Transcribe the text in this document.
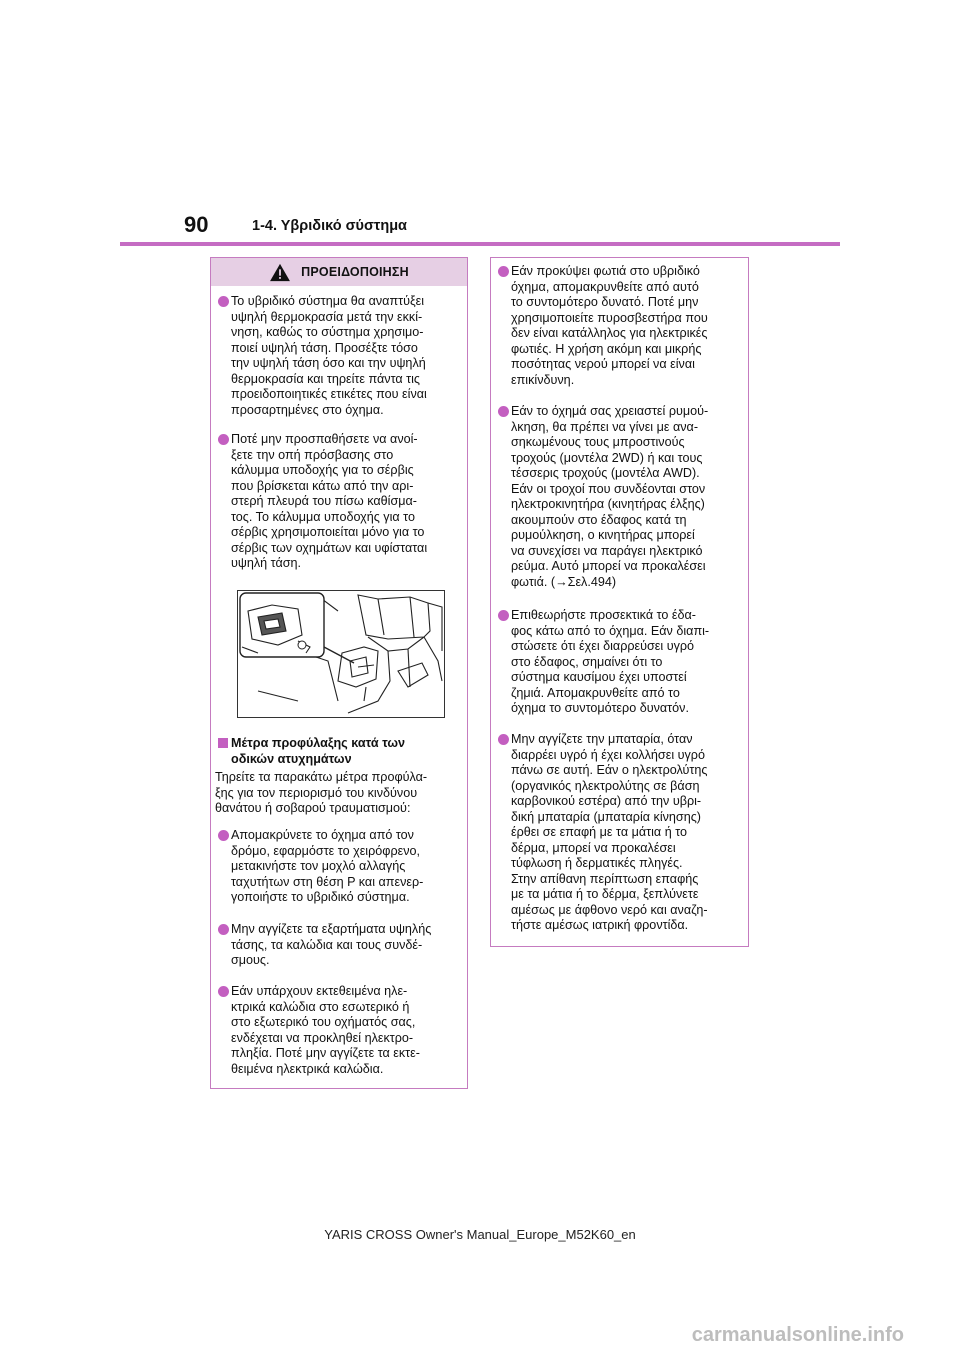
90	1-4. Υβριδικό σύστημα
ΠΡΟΕΙΔΟΠΟΙΗΣΗ
Το υβριδικό σύστημα θα αναπτύξει
υψηλή θερμοκρασία μετά την εκκί-
νηση, καθώς το σύστημα χρησιμο-
ποιεί υψηλή τάση. Προσέξτε τόσο
την υψηλή τάση όσο και την υψηλή
θερμοκρασία και τηρείτε πάντα τις
προειδοποιητικές ετικέτες που είναι
προσαρτημένες στο όχημα.
Ποτέ μην προσπαθήσετε να ανοί-
ξετε την οπή πρόσβασης στο
κάλυμμα υποδοχής για το σέρβις
που βρίσκεται κάτω από την αρι-
στερή πλευρά του πίσω καθίσμα-
τος. Το κάλυμμα υποδοχής για το
σέρβις χρησιμοποιείται μόνο για το
σέρβις των οχημάτων και υφίσταται
υψηλή τάση.
Μέτρα προφύλαξης κατά των
οδικών ατυχημάτων
Τηρείτε τα παρακάτω μέτρα προφύλα-
ξης για τον περιορισμό του κινδύνου
θανάτου ή σοβαρού τραυματισμού:
Απομακρύνετε το όχημα από τον
δρόμο, εφαρμόστε το χειρόφρενο,
μετακινήστε τον μοχλό αλλαγής
ταχυτήτων στη θέση P και απενερ-
γοποιήστε το υβριδικό σύστημα.
Μην αγγίζετε τα εξαρτήματα υψηλής
τάσης, τα καλώδια και τους συνδέ-
σμους.
Εάν υπάρχουν εκτεθειμένα ηλε-
κτρικά καλώδια στο εσωτερικό ή
στο εξωτερικό του οχήματός σας,
ενδέχεται να προκληθεί ηλεκτρο-
πληξία. Ποτέ μην αγγίζετε τα εκτε-
θειμένα ηλεκτρικά καλώδια.
Εάν προκύψει φωτιά στο υβριδικό
όχημα, απομακρυνθείτε από αυτό
το συντομότερο δυνατό. Ποτέ μην
χρησιμοποιείτε πυροσβεστήρα που
δεν είναι κατάλληλος για ηλεκτρικές
φωτιές. Η χρήση ακόμη και μικρής
ποσότητας νερού μπορεί να είναι
επικίνδυνη.
Εάν το όχημά σας χρειαστεί ρυμού-
λκηση, θα πρέπει να γίνει με ανα-
σηκωμένους τους μπροστινούς
τροχούς (μοντέλα 2WD) ή και τους
τέσσερις τροχούς (μοντέλα AWD).
Εάν οι τροχοί που συνδέονται στον
ηλεκτροκινητήρα (κινητήρας έλξης)
ακουμπούν στο έδαφος κατά τη
ρυμούλκηση, ο κινητήρας μπορεί
να συνεχίσει να παράγει ηλεκτρικό
ρεύμα. Αυτό μπορεί να προκαλέσει
φωτιά. (→Σελ.494)
Επιθεωρήστε προσεκτικά το έδα-
φος κάτω από το όχημα. Εάν διαπι-
στώσετε ότι έχει διαρρεύσει υγρό
στο έδαφος, σημαίνει ότι το
σύστημα καυσίμου έχει υποστεί
ζημιά. Απομακρυνθείτε από το
όχημα το συντομότερο δυνατόν.
Μην αγγίζετε την μπαταρία, όταν
διαρρέει υγρό ή έχει κολλήσει υγρό
πάνω σε αυτή. Εάν ο ηλεκτρολύτης
(οργανικός ηλεκτρολύτης σε βάση
καρβονικού εστέρα) από την υβρι-
δική μπαταρία (μπαταρία κίνησης)
έρθει σε επαφή με τα μάτια ή το
δέρμα, μπορεί να προκαλέσει
τύφλωση ή δερματικές πληγές.
Στην απίθανη περίπτωση επαφής
με τα μάτια ή το δέρμα, ξεπλύνετε
αμέσως με άφθονο νερό και αναζη-
τήστε αμέσως ιατρική φροντίδα.
YARIS CROSS Owner's Manual_Europe_M52K60_en
carmanualsonline.info
